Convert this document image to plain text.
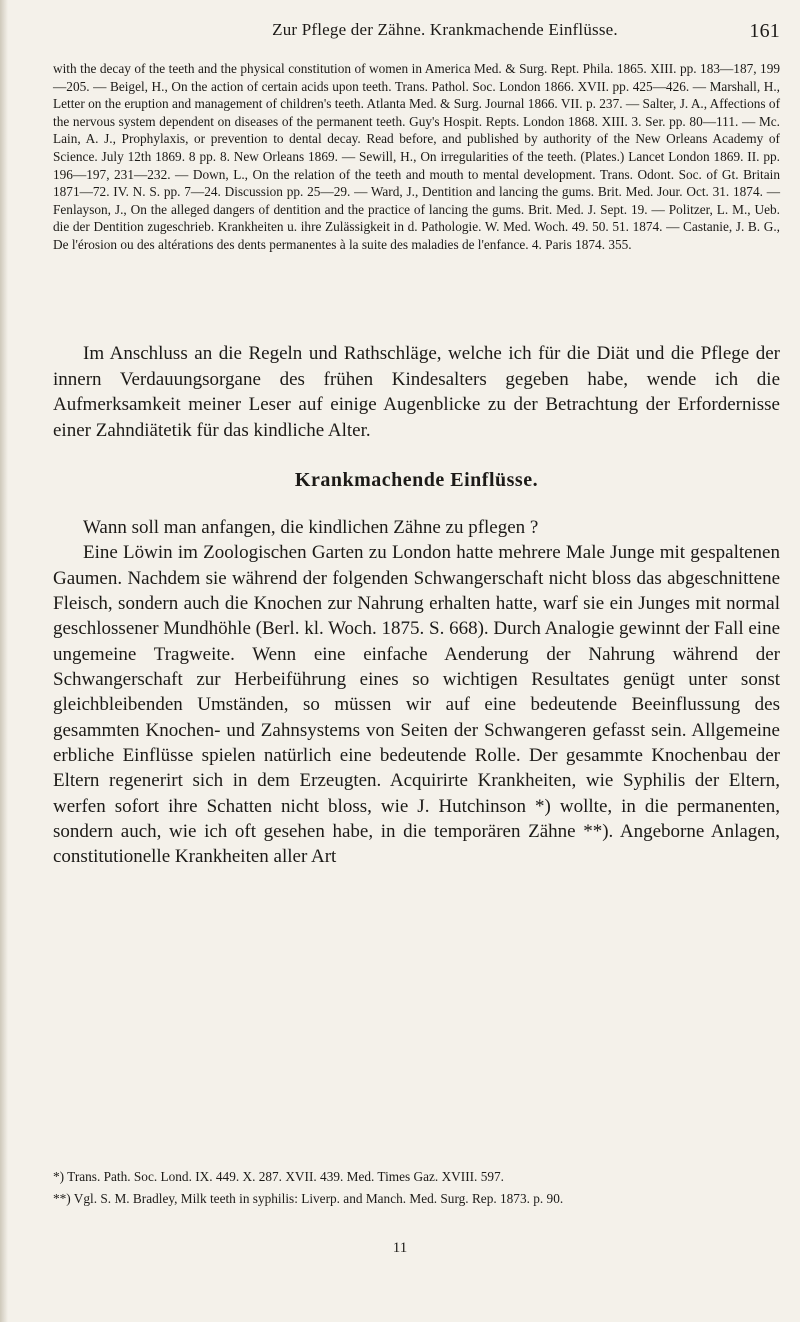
Zur Pflege der Zähne. Krankmachende Einflüsse.	161

with the decay of the teeth and the physical constitution of women in America Med. & Surg. Rept. Phila. 1865. XIII. pp. 183—187, 199—205. — Beigel, H., On the action of certain acids upon teeth. Trans. Pathol. Soc. London 1866. XVII. pp. 425—426. — Marshall, H., Letter on the eruption and management of children's teeth. Atlanta Med. & Surg. Journal 1866. VII. p. 237. — Salter, J. A., Affections of the nervous system dependent on diseases of the permanent teeth. Guy's Hospit. Repts. London 1868. XIII. 3. Ser. pp. 80—111. — Mc. Lain, A. J., Prophylaxis, or prevention to dental decay. Read before, and published by authority of the New Orleans Academy of Science. July 12th 1869. 8 pp. 8. New Orleans 1869. — Sewill, H., On irregularities of the teeth. (Plates.) Lancet London 1869. II. pp. 196—197, 231—232. — Down, L., On the relation of the teeth and mouth to mental development. Trans. Odont. Soc. of Gt. Britain 1871—72. IV. N. S. pp. 7—24. Discussion pp. 25—29. — Ward, J., Dentition and lancing the gums. Brit. Med. Jour. Oct. 31. 1874. — Fenlayson, J., On the alleged dangers of dentition and the practice of lancing the gums. Brit. Med. J. Sept. 19. — Politzer, L. M., Ueb. die der Dentition zugeschrieb. Krankheiten u. ihre Zulässigkeit in d. Pathologie. W. Med. Woch. 49. 50. 51. 1874. — Castanie, J. B. G., De l'érosion ou des altérations des dents permanentes à la suite des maladies de l'enfance. 4. Paris 1874. 355.

Im Anschluss an die Regeln und Rathschläge, welche ich für die Diät und die Pflege der innern Verdauungsorgane des frühen Kindesalters gegeben habe, wende ich die Aufmerksamkeit meiner Leser auf einige Augenblicke zu der Betrachtung der Erfordernisse einer Zahndiätetik für das kindliche Alter.

Krankmachende Einflüsse.

Wann soll man anfangen, die kindlichen Zähne zu pflegen ?

Eine Löwin im Zoologischen Garten zu London hatte mehrere Male Junge mit gespaltenen Gaumen. Nachdem sie während der folgenden Schwangerschaft nicht bloss das abgeschnittene Fleisch, sondern auch die Knochen zur Nahrung erhalten hatte, warf sie ein Junges mit normal geschlossener Mundhöhle (Berl. kl. Woch. 1875. S. 668). Durch Analogie gewinnt der Fall eine ungemeine Tragweite. Wenn eine einfache Aenderung der Nahrung während der Schwangerschaft zur Herbeiführung eines so wichtigen Resultates genügt unter sonst gleichbleibenden Umständen, so müssen wir auf eine bedeutende Beeinflussung des gesammten Knochen- und Zahnsystems von Seiten der Schwangeren gefasst sein. Allgemeine erbliche Einflüsse spielen natürlich eine bedeutende Rolle. Der gesammte Knochenbau der Eltern regenerirt sich in dem Erzeugten. Acquirirte Krankheiten, wie Syphilis der Eltern, werfen sofort ihre Schatten nicht bloss, wie J. Hutchinson *) wollte, in die permanenten, sondern auch, wie ich oft gesehen habe, in die temporären Zähne **). Angeborne Anlagen, constitutionelle Krankheiten aller Art

*) Trans. Path. Soc. Lond. IX. 449. X. 287. XVII. 439. Med. Times Gaz. XVIII. 597.

**) Vgl. S. M. Bradley, Milk teeth in syphilis: Liverp. and Manch. Med. Surg. Rep. 1873. p. 90.

11
